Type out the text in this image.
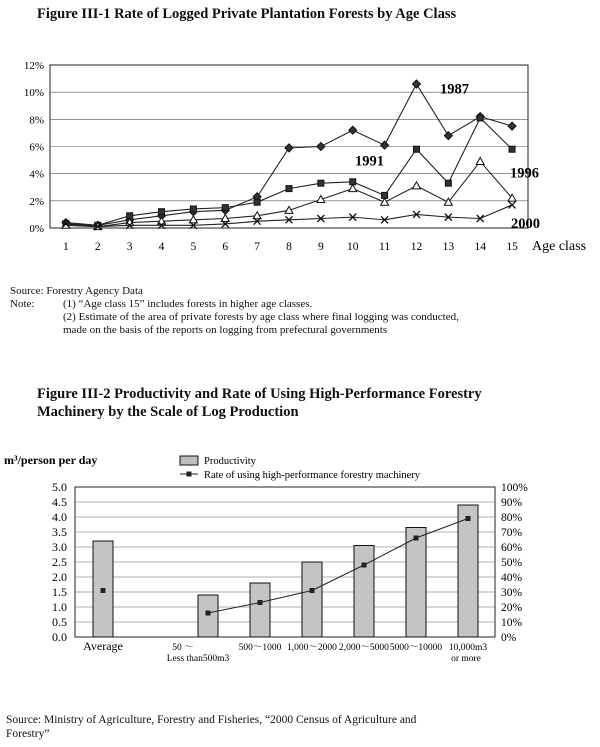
Figure III-1 Rate of Logged Private Plantation Forests by Age Class
0%
2%
4%
6%
8%
10%
12%
1 2 3 4 5 6 7 8 9 10 11 12 13 14 15 Age class
1987
1991
1996
2000
Source: Forestry Agency Data
Note:	(1) “Age class 15” includes forests in higher age classes.
(2) Estimate of the area of private forests by age class where final logging was conducted,
made on the basis of the reports on logging from prefectural governments
Figure III-2 Productivity and Rate of Using High-Performance Forestry
Machinery by the Scale of Log Production
0.0
0.5
1.0
1.5
2.0
2.5
3.0
3.5
4.0
4.5
5.0
0%
10%
20%
30%
40%
50%
60%
70%
80%
90%
100%
m³/person per day	Productivity
Rate of using high-performance forestry machinery
Average	50 ～
Less than500m3
500～1000 1,000～2000 2,000～5000 5000～10000 10,000m3
or more
Source: Ministry of Agriculture, Forestry and Fisheries, “2000 Census of Agriculture and
Forestry”
